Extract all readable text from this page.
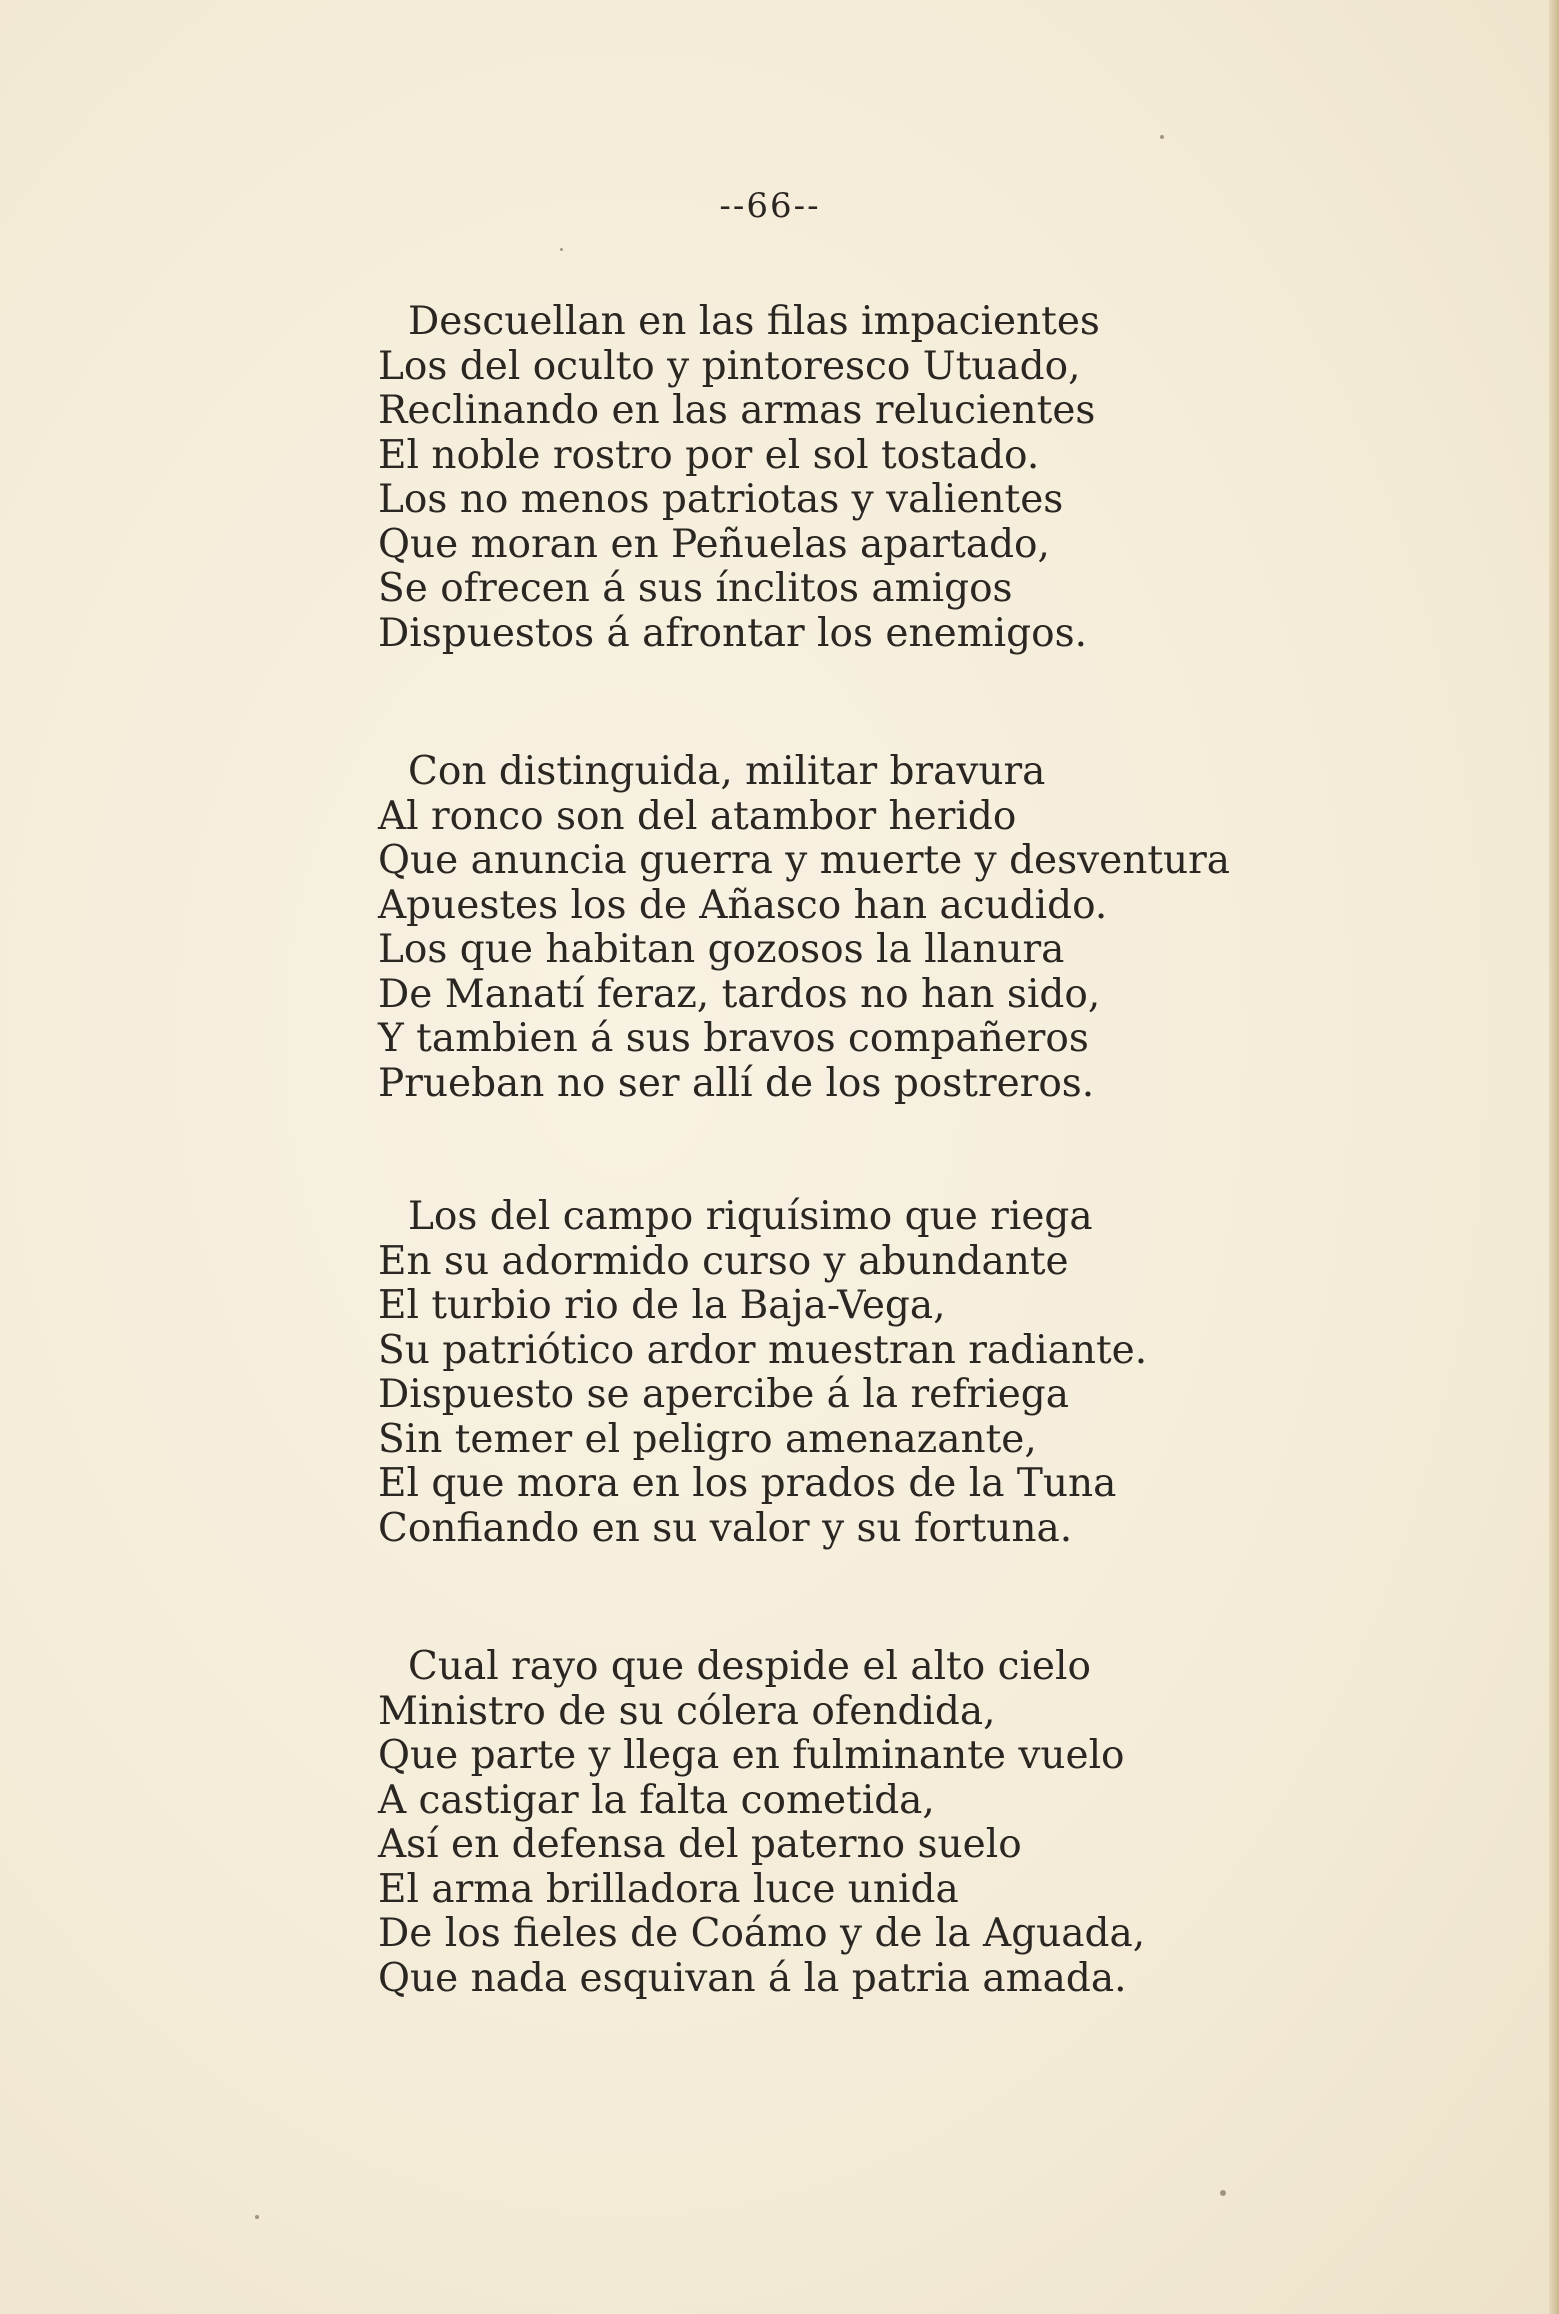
--66--
Descuellan en las filas impacientes
Los del oculto y pintoresco Utuado,
Reclinando en las armas relucientes
El noble rostro por el sol tostado.
Los no menos patriotas y valientes
Que moran en Peñuelas apartado,
Se ofrecen á sus ínclitos amigos
Dispuestos á afrontar los enemigos.
Con distinguida, militar bravura
Al ronco son del atambor herido
Que anuncia guerra y muerte y desventura
Apuestes los de Añasco han acudido.
Los que habitan gozosos la llanura
De Manatí feraz, tardos no han sido,
Y tambien á sus bravos compañeros
Prueban no ser allí de los postreros.
Los del campo riquísimo que riega
En su adormido curso y abundante
El turbio rio de la Baja-Vega,
Su patriótico ardor muestran radiante.
Dispuesto se apercibe á la refriega
Sin temer el peligro amenazante,
El que mora en los prados de la Tuna
Confiando en su valor y su fortuna.
Cual rayo que despide el alto cielo
Ministro de su cólera ofendida,
Que parte y llega en fulminante vuelo
A castigar la falta cometida,
Así en defensa del paterno suelo
El arma brilladora luce unida
De los fieles de Coámo y de la Aguada,
Que nada esquivan á la patria amada.
